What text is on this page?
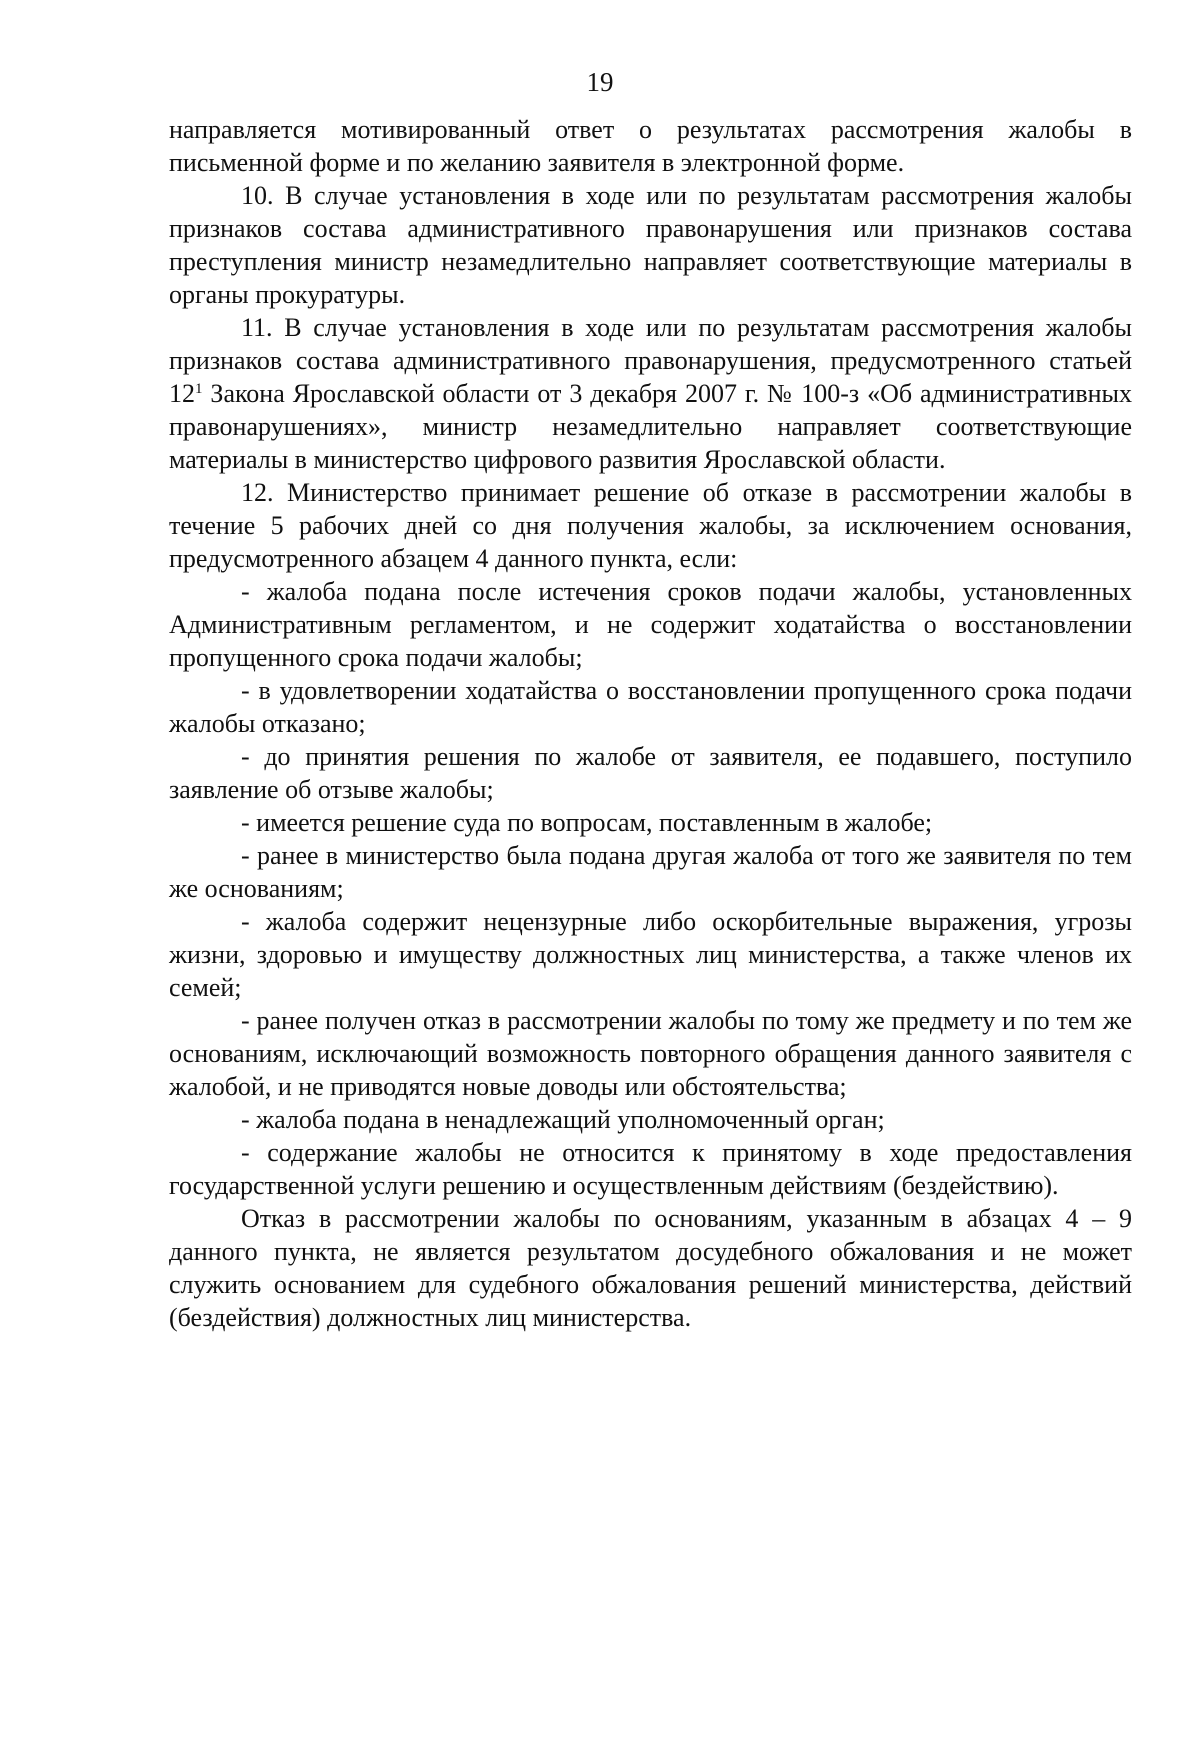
19

направляется мотивированный ответ о результатах рассмотрения жалобы в письменной форме и по желанию заявителя в электронной форме.

10. В случае установления в ходе или по результатам рассмотрения жалобы признаков состава административного правонарушения или признаков состава преступления министр незамедлительно направляет соответствующие материалы в органы прокуратуры.

11. В случае установления в ходе или по результатам рассмотрения жалобы признаков состава административного правонарушения, предусмотренного статьей $12^1$ Закона Ярославской области от 3 декабря 2007 г. № 100-з «Об административных правонарушениях», министр незамедлительно направляет соответствующие материалы в министерство цифрового развития Ярославской области.

12. Министерство принимает решение об отказе в рассмотрении жалобы в течение 5 рабочих дней со дня получения жалобы, за исключением основания, предусмотренного абзацем 4 данного пункта, если:

- жалоба подана после истечения сроков подачи жалобы, установленных Административным регламентом, и не содержит ходатайства о восстановлении пропущенного срока подачи жалобы;

- в удовлетворении ходатайства о восстановлении пропущенного срока подачи жалобы отказано;

- до принятия решения по жалобе от заявителя, ее подавшего, поступило заявление об отзыве жалобы;

- имеется решение суда по вопросам, поставленным в жалобе;

- ранее в министерство была подана другая жалоба от того же заявителя по тем же основаниям;

- жалоба содержит нецензурные либо оскорбительные выражения, угрозы жизни, здоровью и имуществу должностных лиц министерства, а также членов их семей;

- ранее получен отказ в рассмотрении жалобы по тому же предмету и по тем же основаниям, исключающий возможность повторного обращения данного заявителя с жалобой, и не приводятся новые доводы или обстоятельства;

- жалоба подана в ненадлежащий уполномоченный орган;

- содержание жалобы не относится к принятому в ходе предоставления государственной услуги решению и осуществленным действиям (бездействию).

Отказ в рассмотрении жалобы по основаниям, указанным в абзацах 4 – 9 данного пункта, не является результатом досудебного обжалования и не может служить основанием для судебного обжалования решений министерства, действий (бездействия) должностных лиц министерства.
